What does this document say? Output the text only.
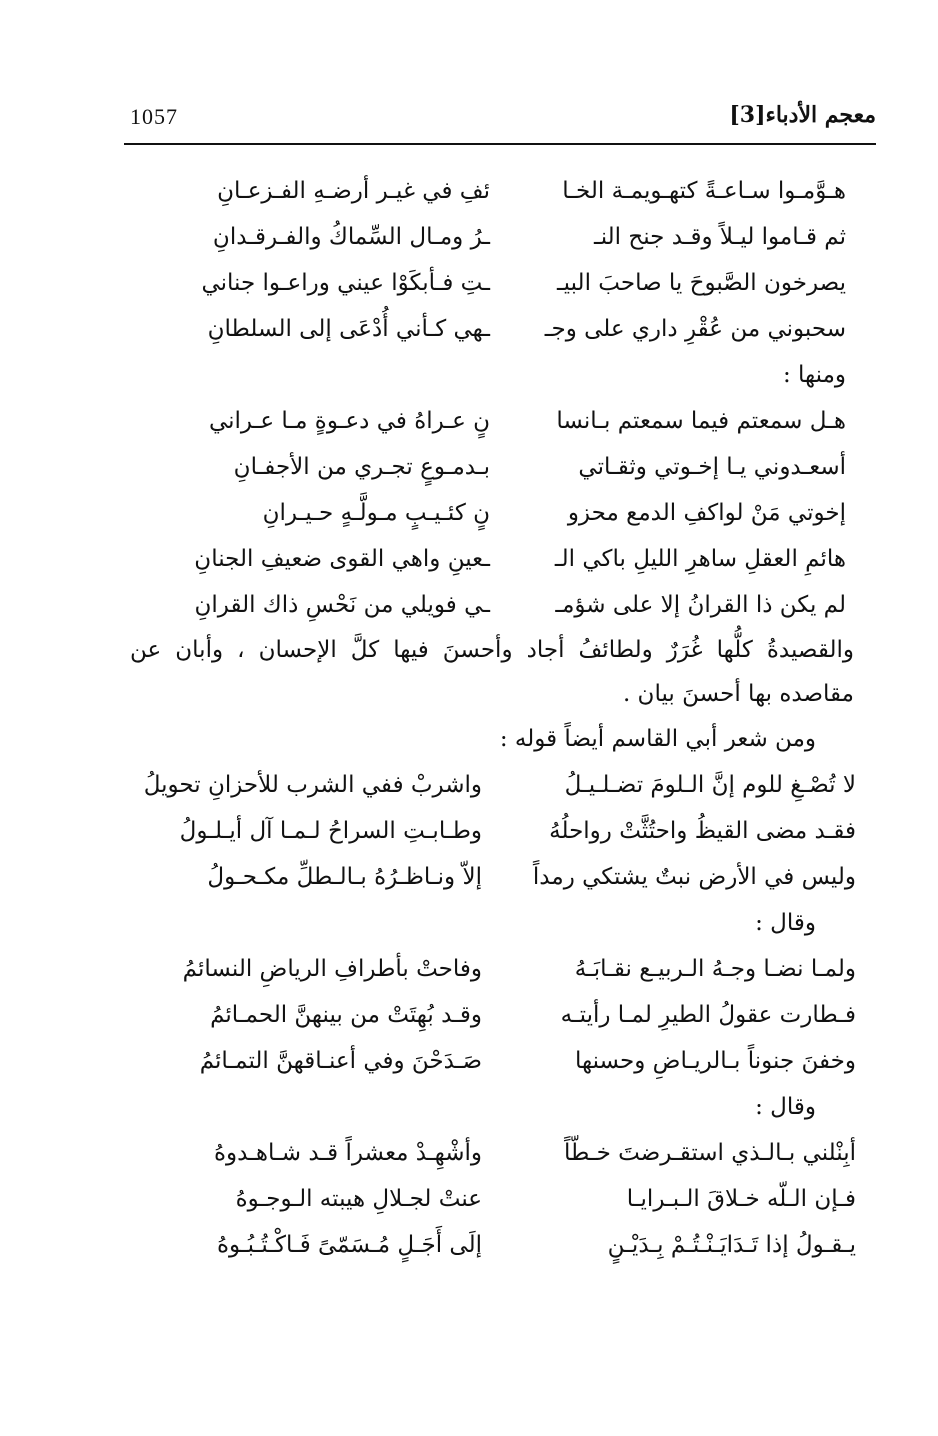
1057	معجم الأدباء[3]
هـوَّمـوا سـاعـةً كتهـويمـة الخـا
ئفِ في غيـر أرضـهِ الفـزعـانِ
ثم قـاموا ليـلاً وقـد جنح النـ
ـرُ ومـال السِّماكُ والفـرقـدانِ
يصرخون الصَّبوحَ يا صاحبَ البيـ
ـتِ فـأبكَوْا عيني وراعـوا جناني
سحبوني من عُقْرِ داري على وجـ
ـهي كـأني أُدْعَى إلى السلطانِ
ومنها :
هـل سمعتم فيما سمعتم بـانسا
نٍ عـراهُ في دعـوةٍ مـا عـراني
أسعـدوني يـا إخـوتي وثقـاتي
بـدمـوعٍ تجـري من الأجفـانِ
إخوتي مَنْ لواكفِ الدمع محزو
نٍ كئـيـبٍ مـولَّـهٍ حـيـرانِ
هائمِ العقلِ ساهرِ الليلِ باكي الـ
ـعينِ واهي القوى ضعيفِ الجنانِ
لم يكن ذا القرانُ إلا على شؤمـ
ـي فويلي من نَحْسِ ذاك القرانِ
والقصيدةُ كلُّها غُرَرٌ ولطائفُ أجاد وأحسنَ فيها كلَّ الإحسان ، وأبان عن مقاصده بها أحسنَ بيان .
ومن شعر أبي القاسم أيضاً قوله :
لا تُصْـغِ للوم إنَّ الـلومَ تضـلـيـلُ
واشربْ ففي الشرب للأحزانِ تحويلُ
فقـد مضى القيظُ واحتُثَّتْ رواحلُهُ
وطـابـتِ السراحُ لـمـا آل أيـلـولُ
وليس في الأرض نبتٌ يشتكي رمداً
إلاّ ونـاظـرُهُ بـالـطلِّ مكـحـولُ
وقال :
ولمـا نضـا وجـهُ الـربيـع نقـابَـهُ
وفاحتْ بأطرافِ الرياضِ النسائمُ
فـطارت عقولُ الطيرِ لمـا رأيتـه
وقـد بُهِتَتْ من بينهنَّ الحمـائمُ
وخفنَ جنوناً بـالريـاضِ وحسنها
صَـدَحْنَ وفي أعنـاقهنَّ التمـائمُ
وقال :
أبِنْلني بـالـذي استقـرضتَ خـطّاً
وأشْهِـدْ معشراً قـد شـاهـدوهُ
فـإن الـلّه خـلاقَ الـبـرايـا
عنتْ لجـلالِ هيبته الـوجـوهُ
يـقـولُ إذا تَـدَايَـنْـتُـمْ بِـدَيْـنٍ
إلَى أَجَـلٍ مُـسَمّىً فَـاكْـتُـبُـوهُ
